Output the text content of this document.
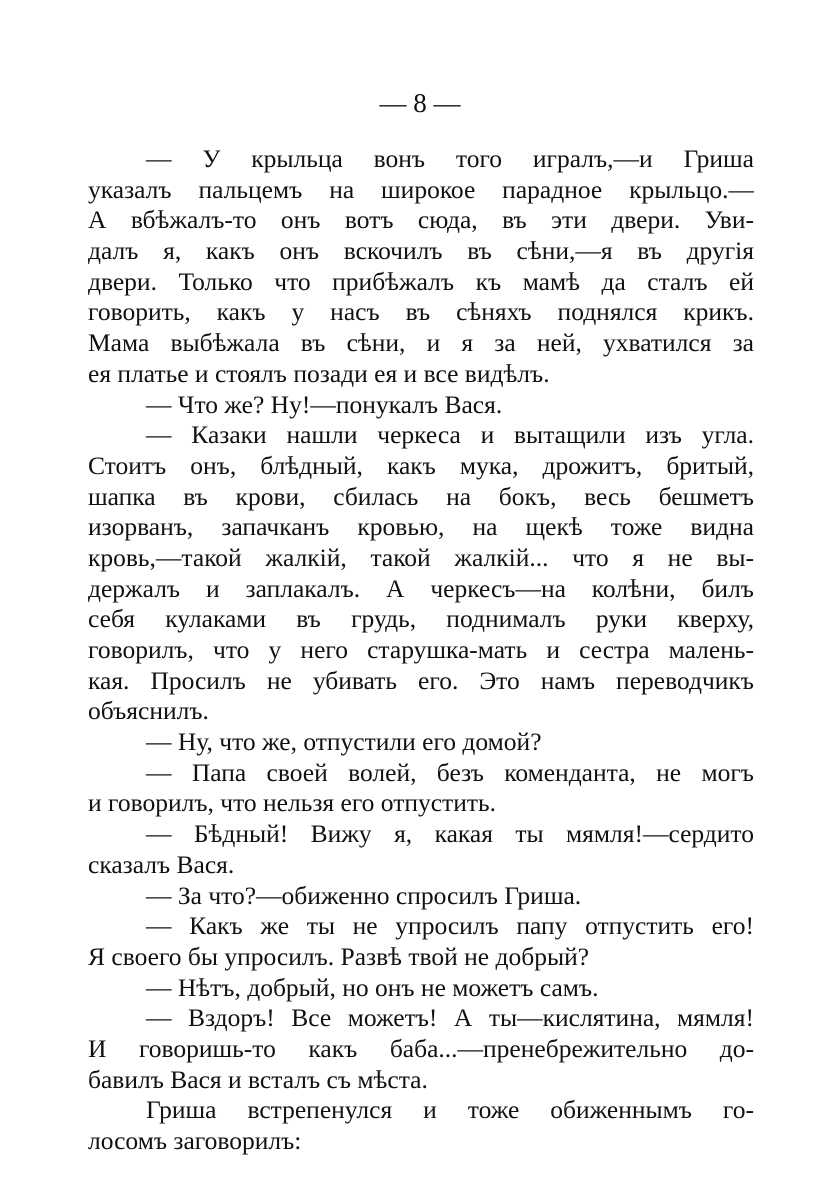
— 8 —
— У крыльца вонъ того игралъ,—и Гриша
указалъ пальцемъ на широкое парадное крыльцо.—
А вбѣжалъ-то онъ вотъ сюда, въ эти двери. Уви-
далъ я, какъ онъ вскочилъ въ сѣни,—я въ другія
двери. Только что прибѣжалъ къ мамѣ да сталъ ей
говорить, какъ у насъ въ сѣняхъ поднялся крикъ.
Мама выбѣжала въ сѣни, и я за ней, ухватился за
ея платье и стоялъ позади ея и все видѣлъ.
— Что же? Ну!—понукалъ Вася.
— Казаки нашли черкеса и вытащили изъ угла.
Стоитъ онъ, блѣдный, какъ мука, дрожитъ, бритый,
шапка въ крови, сбилась на бокъ, весь бешметъ
изорванъ, запачканъ кровью, на щекѣ тоже видна
кровь,—такой жалкій, такой жалкій... что я не вы-
держалъ и заплакалъ. А черкесъ—на колѣни, билъ
себя кулаками въ грудь, поднималъ руки кверху,
говорилъ, что у него старушка-мать и сестра малень-
кая. Просилъ не убивать его. Это намъ переводчикъ
объяснилъ.
— Ну, что же, отпустили его домой?
— Папа своей волей, безъ коменданта, не могъ
и говорилъ, что нельзя его отпустить.
— Бѣдный! Вижу я, какая ты мямля!—сердито
сказалъ Вася.
— За что?—обиженно спросилъ Гриша.
— Какъ же ты не упросилъ папу отпустить его!
Я своего бы упросилъ. Развѣ твой не добрый?
— Нѣтъ, добрый, но онъ не можетъ самъ.
— Вздоръ! Все можетъ! А ты—кислятина, мямля!
И говоришь-то какъ баба...—пренебрежительно до-
бавилъ Вася и всталъ съ мѣста.
Гриша встрепенулся и тоже обиженнымъ го-
лосомъ заговорилъ:
